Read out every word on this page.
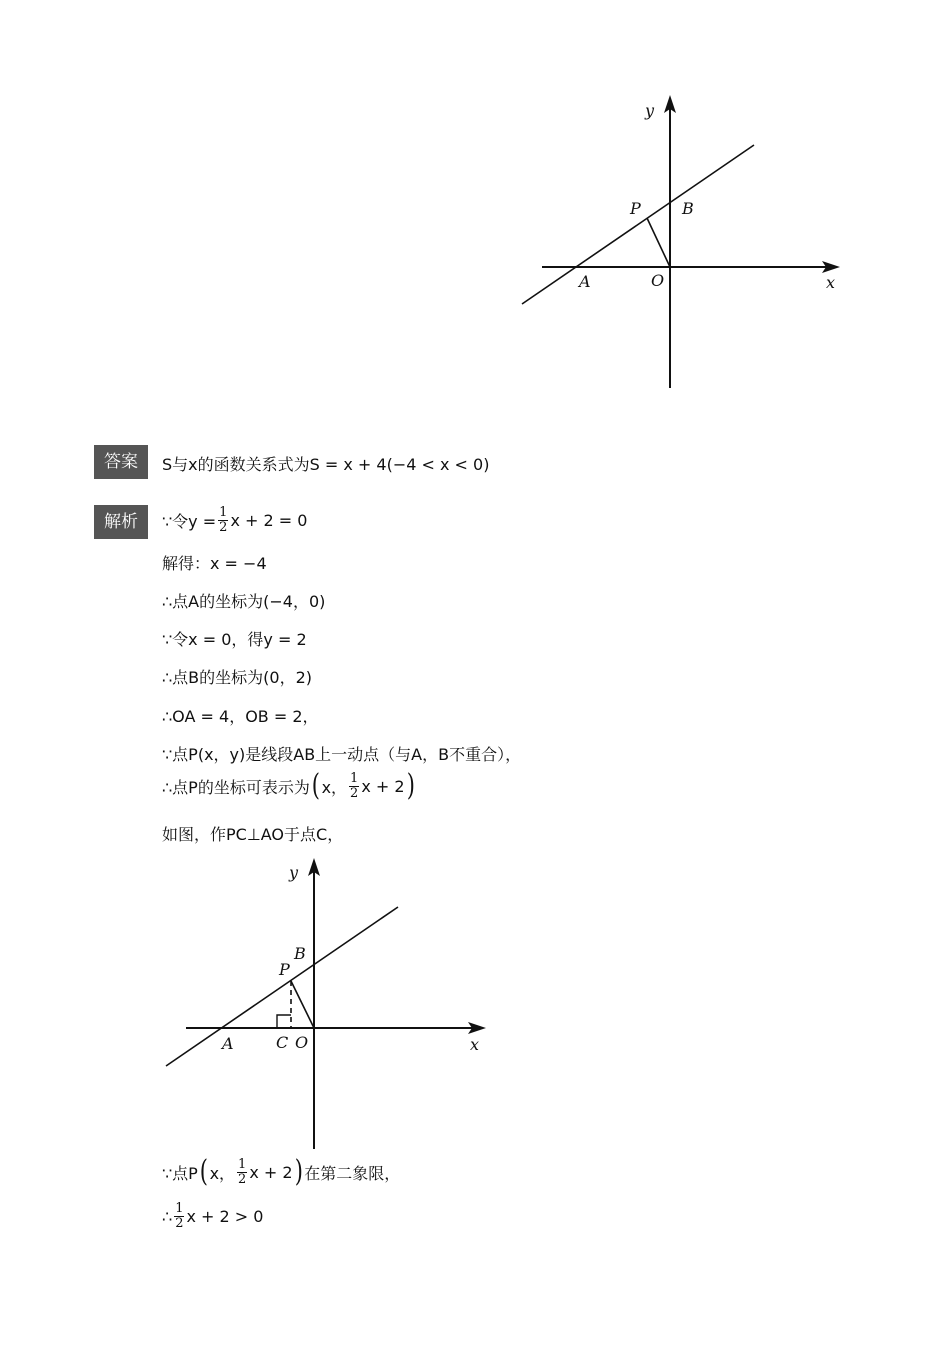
y
x
P	B
A	O
答案	S与x的函数关系式为S = x + 4(−4 < x < 0)
解析	∵令$y = \frac{1}{2}$ x + 2 = 0
解得：x = −4
∴点A的坐标为(−4，0)
∵令x = 0，得y = 2
∴点B的坐标为(0，2)
∴OA = 4，OB = 2，
∵点P(x，y)是线段AB上一动点（与A，B不重合），
∴点P的坐标可表示为 ( x， $\frac{1}{2}$ x + 2 )
如图，作PC⊥AO于点C，
y
x
P
B
A	C O
∵点P ( x， $\frac{1}{2}$ x + 2 ) 在第二象限，
∴ $\frac{1}{2}$ x + 2 > 0
